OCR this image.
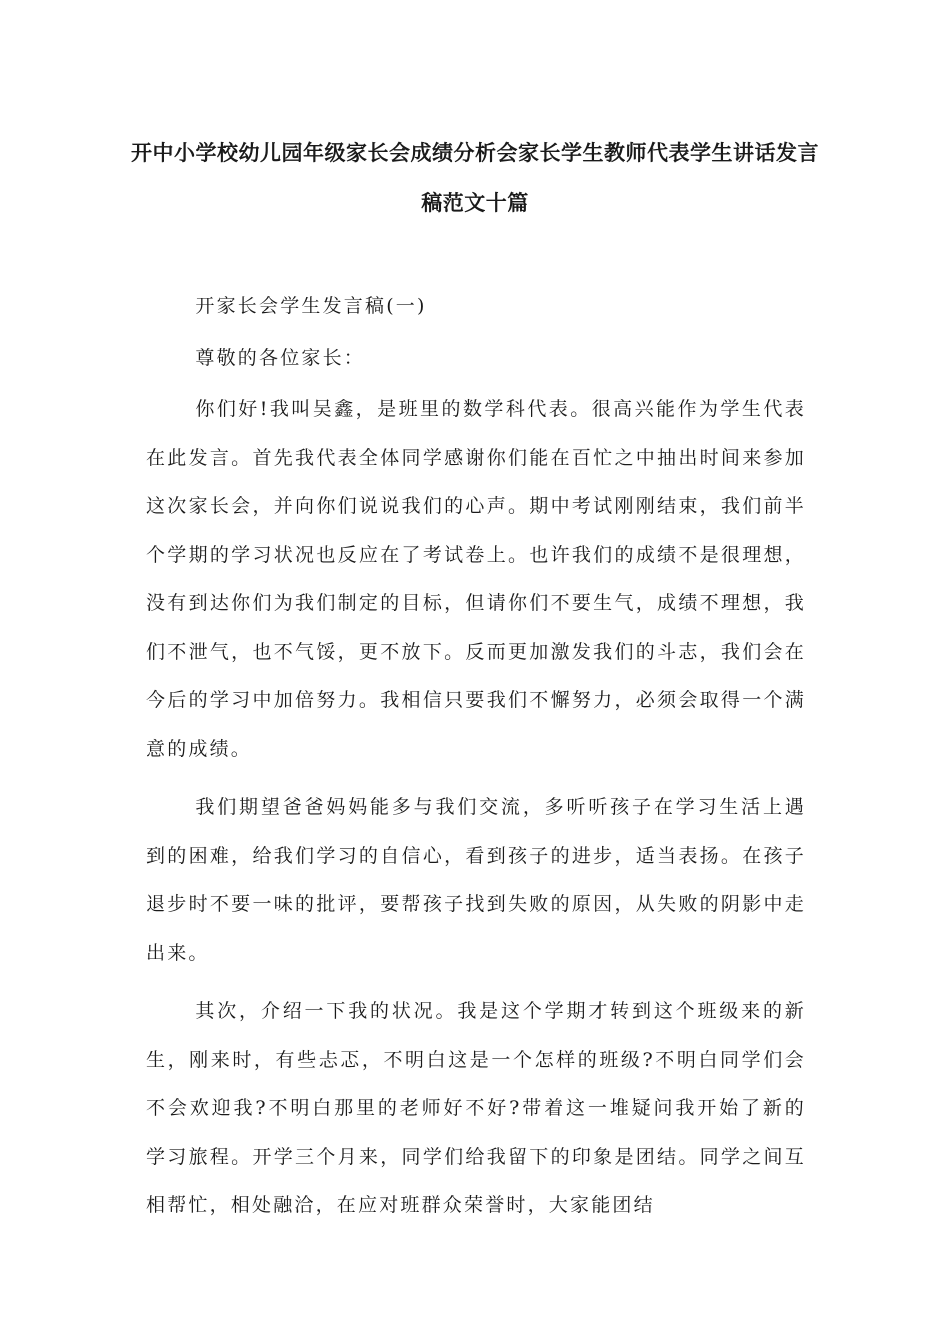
开中小学校幼儿园年级家长会成绩分析会家长学生教师代表学生讲话发言稿范文十篇

开家长会学生发言稿(一)

尊敬的各位家长：

你们好!我叫吴鑫，是班里的数学科代表。很高兴能作为学生代表在此发言。首先我代表全体同学感谢你们能在百忙之中抽出时间来参加这次家长会，并向你们说说我们的心声。期中考试刚刚结束，我们前半个学期的学习状况也反应在了考试卷上。也许我们的成绩不是很理想，没有到达你们为我们制定的目标，但请你们不要生气，成绩不理想，我们不泄气，也不气馁，更不放下。反而更加激发我们的斗志，我们会在今后的学习中加倍努力。我相信只要我们不懈努力，必须会取得一个满意的成绩。

我们期望爸爸妈妈能多与我们交流，多听听孩子在学习生活上遇到的困难，给我们学习的自信心，看到孩子的进步，适当表扬。在孩子退步时不要一味的批评，要帮孩子找到失败的原因，从失败的阴影中走出来。

其次，介绍一下我的状况。我是这个学期才转到这个班级来的新生，刚来时，有些忐忑，不明白这是一个怎样的班级?不明白同学们会不会欢迎我?不明白那里的老师好不好?带着这一堆疑问我开始了新的学习旅程。开学三个月来，同学们给我留下的印象是团结。同学之间互相帮忙，相处融洽，在应对班群众荣誉时，大家能团结
